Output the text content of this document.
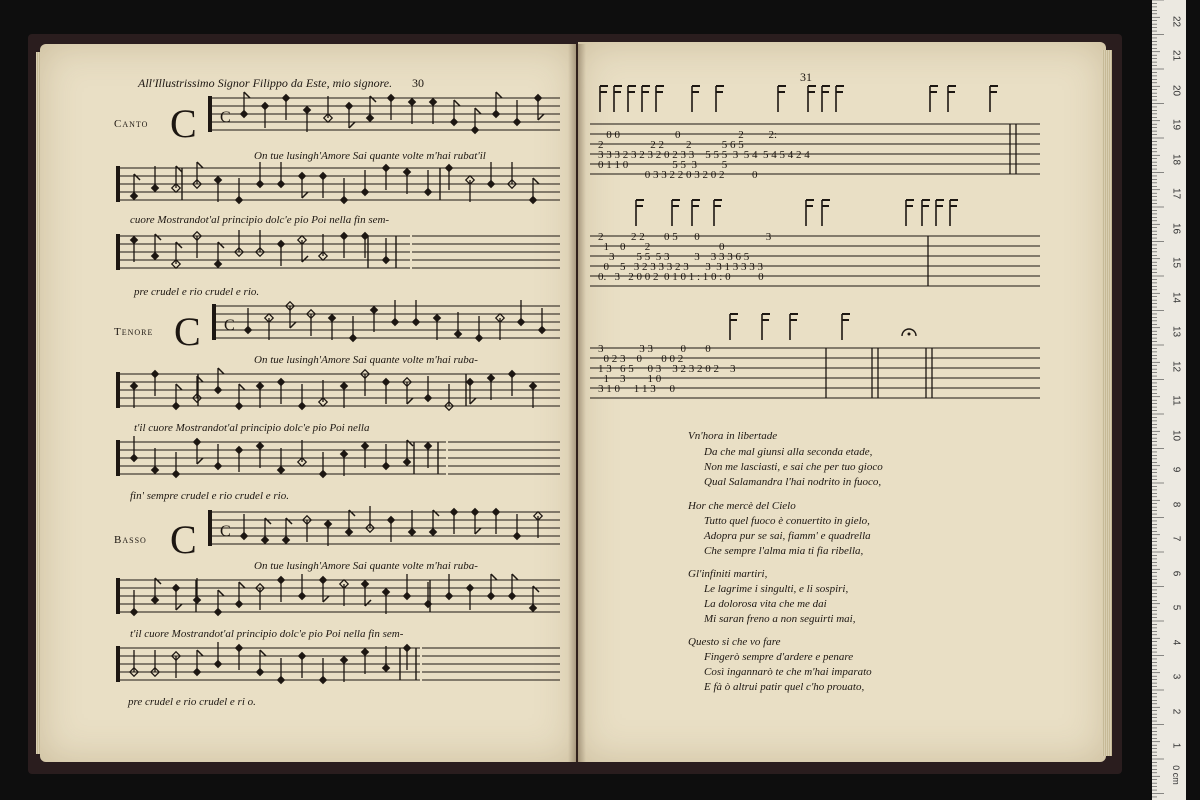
All'Illustrissimo Signor Filippo da Este, mio signore. 30
Canto C
On tue lusingh'Amore Sai quante volte m'hai rubat'il
cuore Mostrandot'al principio dolc'e pio Poi nella fin sem-
pre crudel e rio crudel e rio.
Tenore C
On tue lusingh'Amore Sai quante volte m'hai ruba-
t'il cuore Mostrandot'al principio dolc'e pio Poi nella
fin' sempre crudel e rio crudel e rio.
Basso C
On tue lusingh'Amore Sai quante volte m'hai ruba-
t'il cuore Mostrandot'al principio dolc'e pio Poi nella fin sem-
pre crudel e rio crudel e ri o.
31
Vn'hora in libertade
Da che mal giunsi alla seconda etade,
Non me lasciasti, e sai che per tuo gioco
Qual Salamandra l'hai nodrito in fuoco,
Hor che mercè del Cielo
Tutto quel fuoco è conuertito in gielo,
Adopra pur se sai, fiamm' e quadrella
Che sempre l'alma mia ti fia ribella,
Gl'infiniti martiri,
Le lagrime i singulti, e li sospiri,
La dolorosa vita che me dai
Mi saran freno a non seguirti mai,
Questo si che vo fare
Fingerò sempre d'ardere e penare
Così ingannarò te che m'hai imparato
E fà ò altrui patir quel c'ho prouato,
C
C
C
0 0                    0                     2         2:
2                 2 2        2           5 6 5
3 3 3 2 3 2 3 2 0 2 3 3    5 5 5  3  5 4  5 4 5 4 2 4
0 1 1 0                5 5  3         5
0 3 3 2 2 0 3 2 0 2          0
2          2 2       0 5      0                        3
1    0       2                         0
3        5 5  5 3         3    3 3 3 6 5
0    5   3 2 3 3 3 2 3      3  3 1 3 3 3 3
0.   3   2 0 0 2  0 1 0 1 : 1 0 : 0          0
3             3 3          0       0
0 2 3    0       0 0 2
1 3   6 5     0 3    3 2 3 2 0 2    3
1    3        1 0
3 1 0     1 1 3     0
0 cm
1
2
3
4
5
6
7
8
9
10
11
12
13
14
15
16
17
18
19
20
21
22
